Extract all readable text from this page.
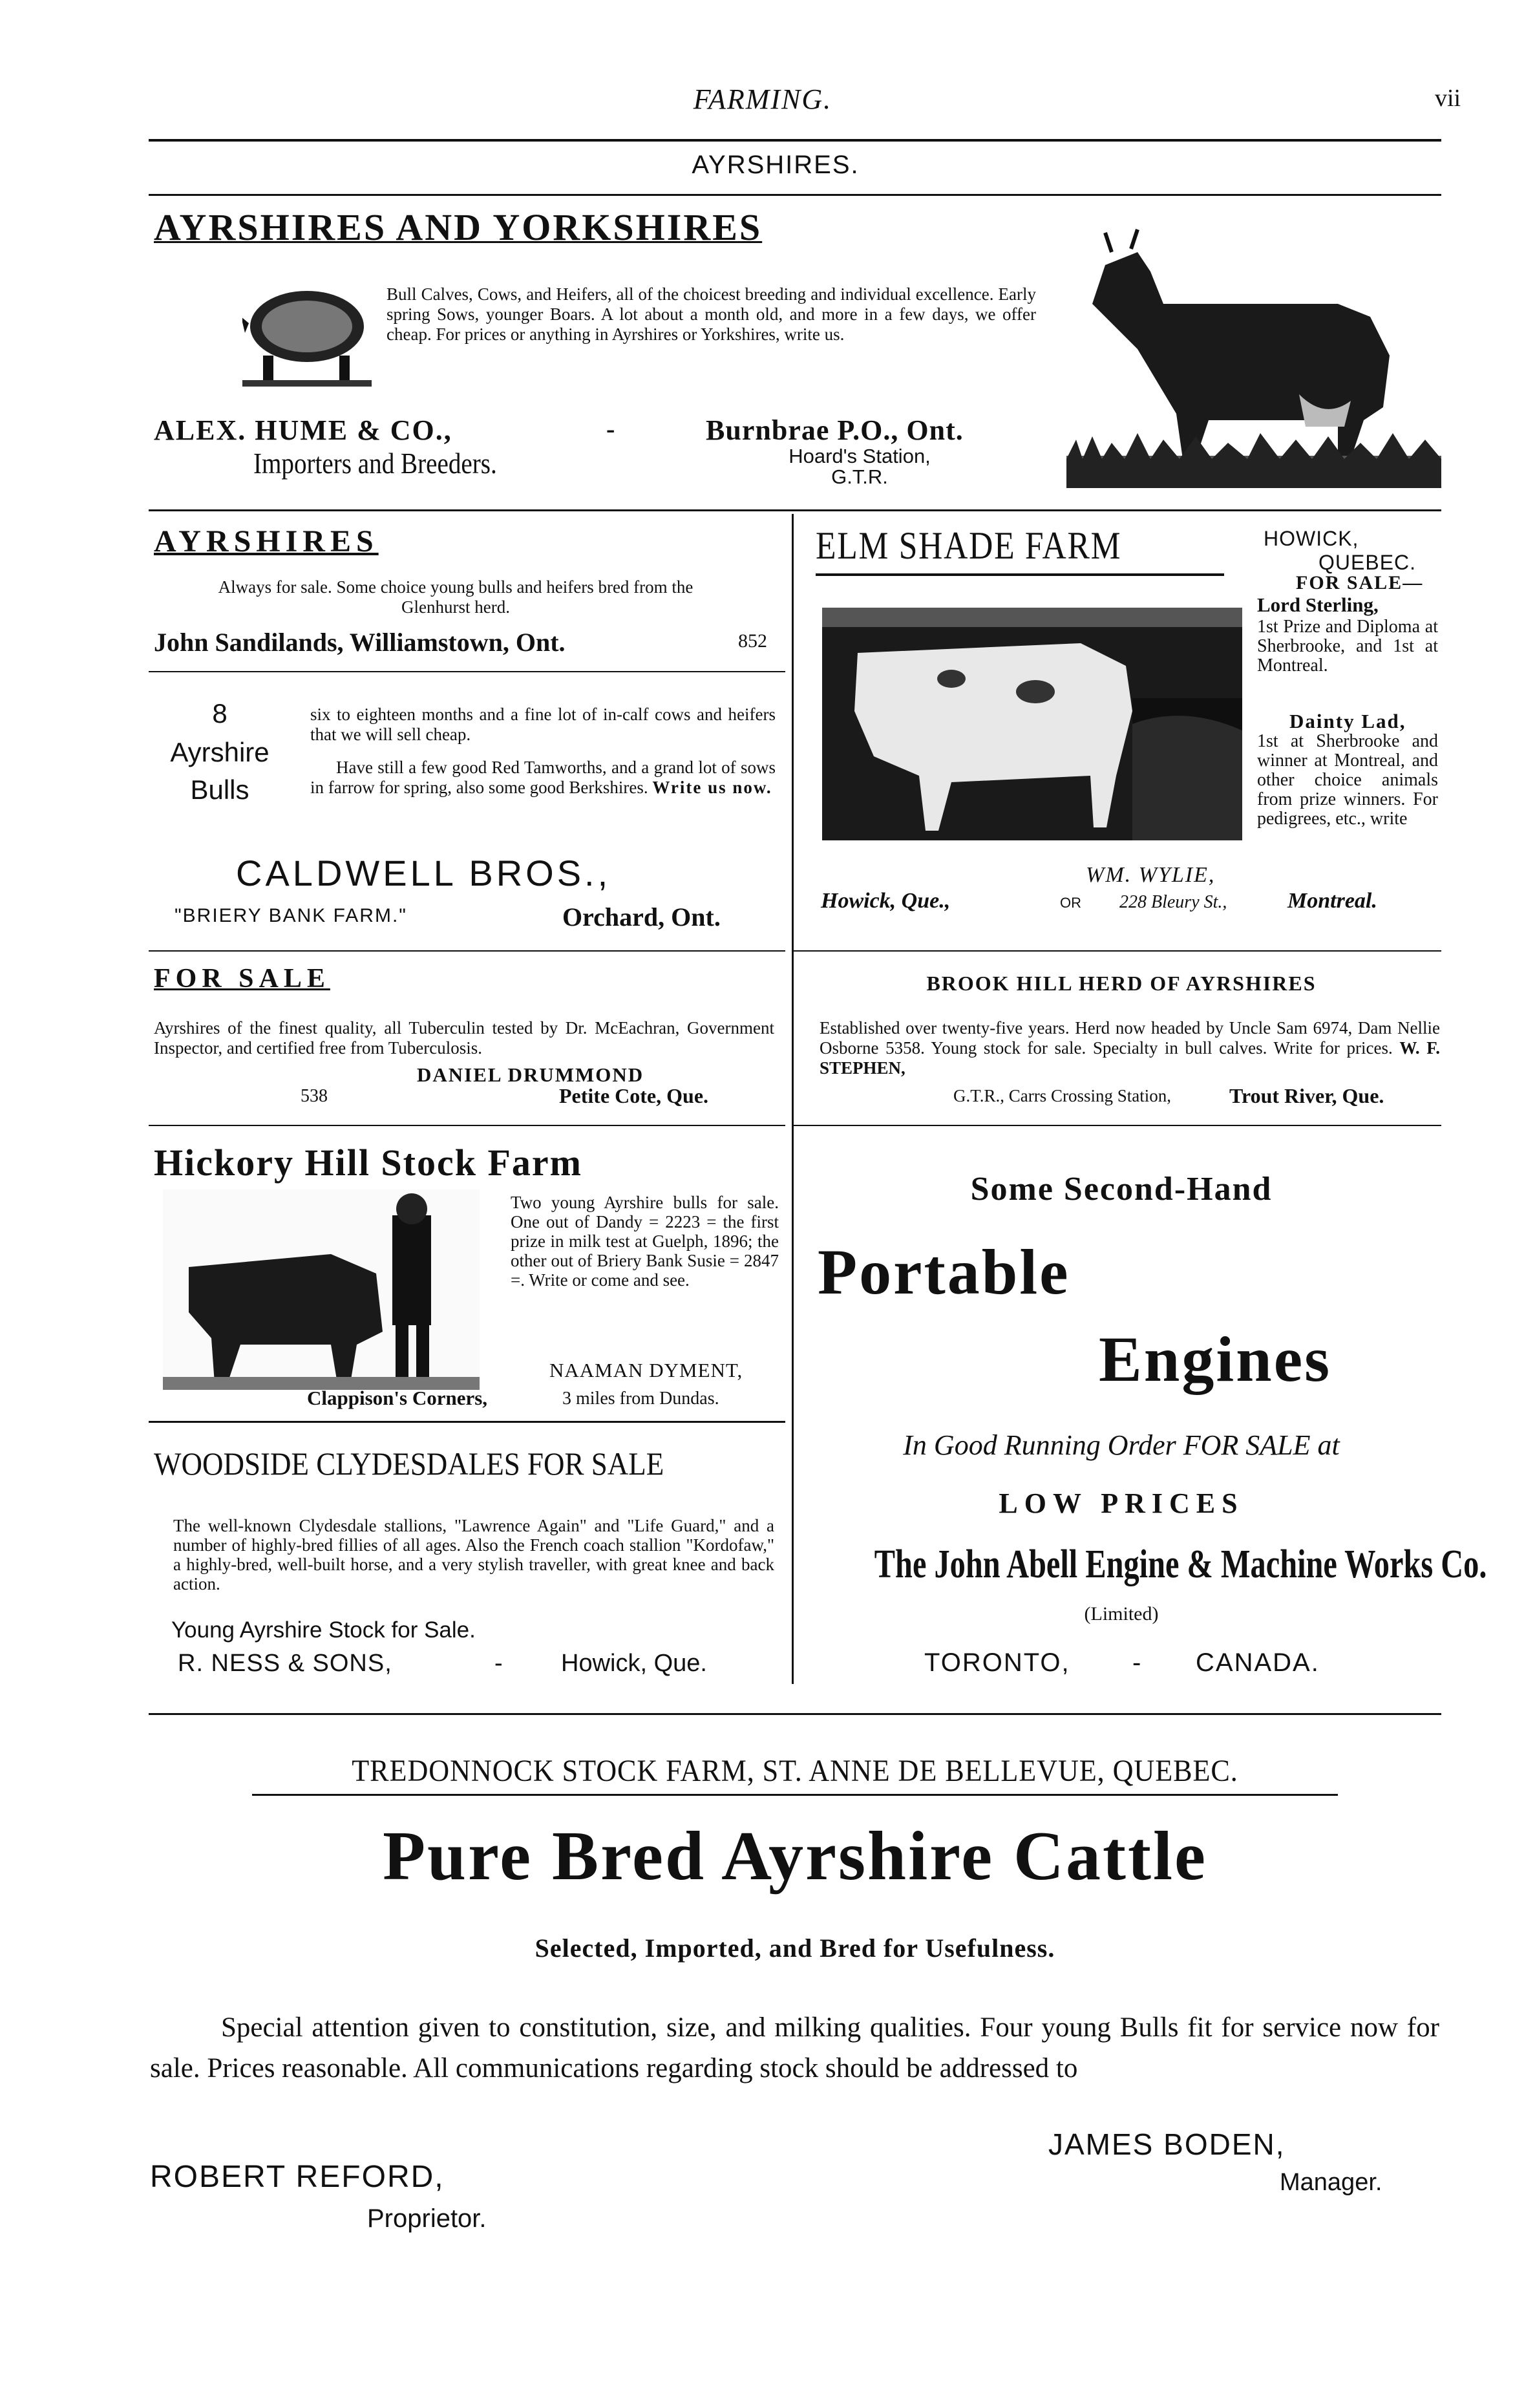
FARMING.	vii
AYRSHIRES.
AYRSHIRES AND YORKSHIRES
Bull Calves, Cows, and Heifers, all of the choicest breeding and individual excellence. Early spring Sows, younger Boars. A lot about a month old, and more in a few days, we offer cheap. For prices or anything in Ayrshires or Yorkshires, write us.
ALEX. HUME & CO.,	-	Burnbrae P.O., Ont.
Importers and Breeders.	Hoard's Station,
G.T.R.
AYRSHIRES
Always for sale. Some choice young bulls and heifers bred from the Glenhurst herd.
John Sandilands, Williamstown, Ont.	852
8
Ayrshire
Bulls
six to eighteen months and a fine lot of in-calf cows and heifers that we will sell cheap.
Have still a few good Red Tamworths, and a grand lot of sows in farrow for spring, also some good Berkshires. Write us now.
CALDWELL BROS.,
"BRIERY BANK FARM."	Orchard, Ont.
ELM SHADE FARM	HOWICK,
QUEBEC.
FOR SALE—
Lord Sterling,
1st Prize and Diploma at Sherbrooke, and 1st at Montreal.
Dainty Lad,
1st at Sherbrooke and winner at Montreal, and other choice animals from prize winners. For pedigrees, etc., write
WM. WYLIE,
Howick, Que.,	OR 228 Bleury St.,	Montreal.
FOR SALE
Ayrshires of the finest quality, all Tuberculin tested by Dr. McEachran, Government Inspector, and certified free from Tuberculosis.
DANIEL DRUMMOND
538	Petite Cote, Que.
BROOK HILL HERD OF AYRSHIRES
Established over twenty-five years. Herd now headed by Uncle Sam 6974, Dam Nellie Osborne 5358. Young stock for sale. Specialty in bull calves. Write for prices. W. F. STEPHEN,
G.T.R., Carrs Crossing Station,	Trout River, Que.
Hickory Hill Stock Farm
Two young Ayrshire bulls for sale. One out of Dandy = 2223 = the first prize in milk test at Guelph, 1896; the other out of Briery Bank Susie = 2847 =. Write or come and see.
NAAMAN DYMENT,
Clappison's Corners,	3 miles from Dundas.
WOODSIDE CLYDESDALES FOR SALE
The well-known Clydesdale stallions, "Lawrence Again" and "Life Guard," and a number of highly-bred fillies of all ages. Also the French coach stallion "Kordofaw," a highly-bred, well-built horse, and a very stylish traveller, with great knee and back action.
Young Ayrshire Stock for Sale.
R. NESS & SONS,	- Howick, Que.
Some Second-Hand
Portable
Engines
In Good Running Order FOR SALE at
LOW PRICES
The John Abell Engine & Machine Works Co.
(Limited)
TORONTO, - CANADA.
TREDONNOCK STOCK FARM, ST. ANNE DE BELLEVUE, QUEBEC.
Pure Bred Ayrshire Cattle
Selected, Imported, and Bred for Usefulness.
Special attention given to constitution, size, and milking qualities. Four young Bulls fit for service now for sale. Prices reasonable. All communications regarding stock should be addressed to
JAMES BODEN,
Manager.
ROBERT REFORD,
Proprietor.
